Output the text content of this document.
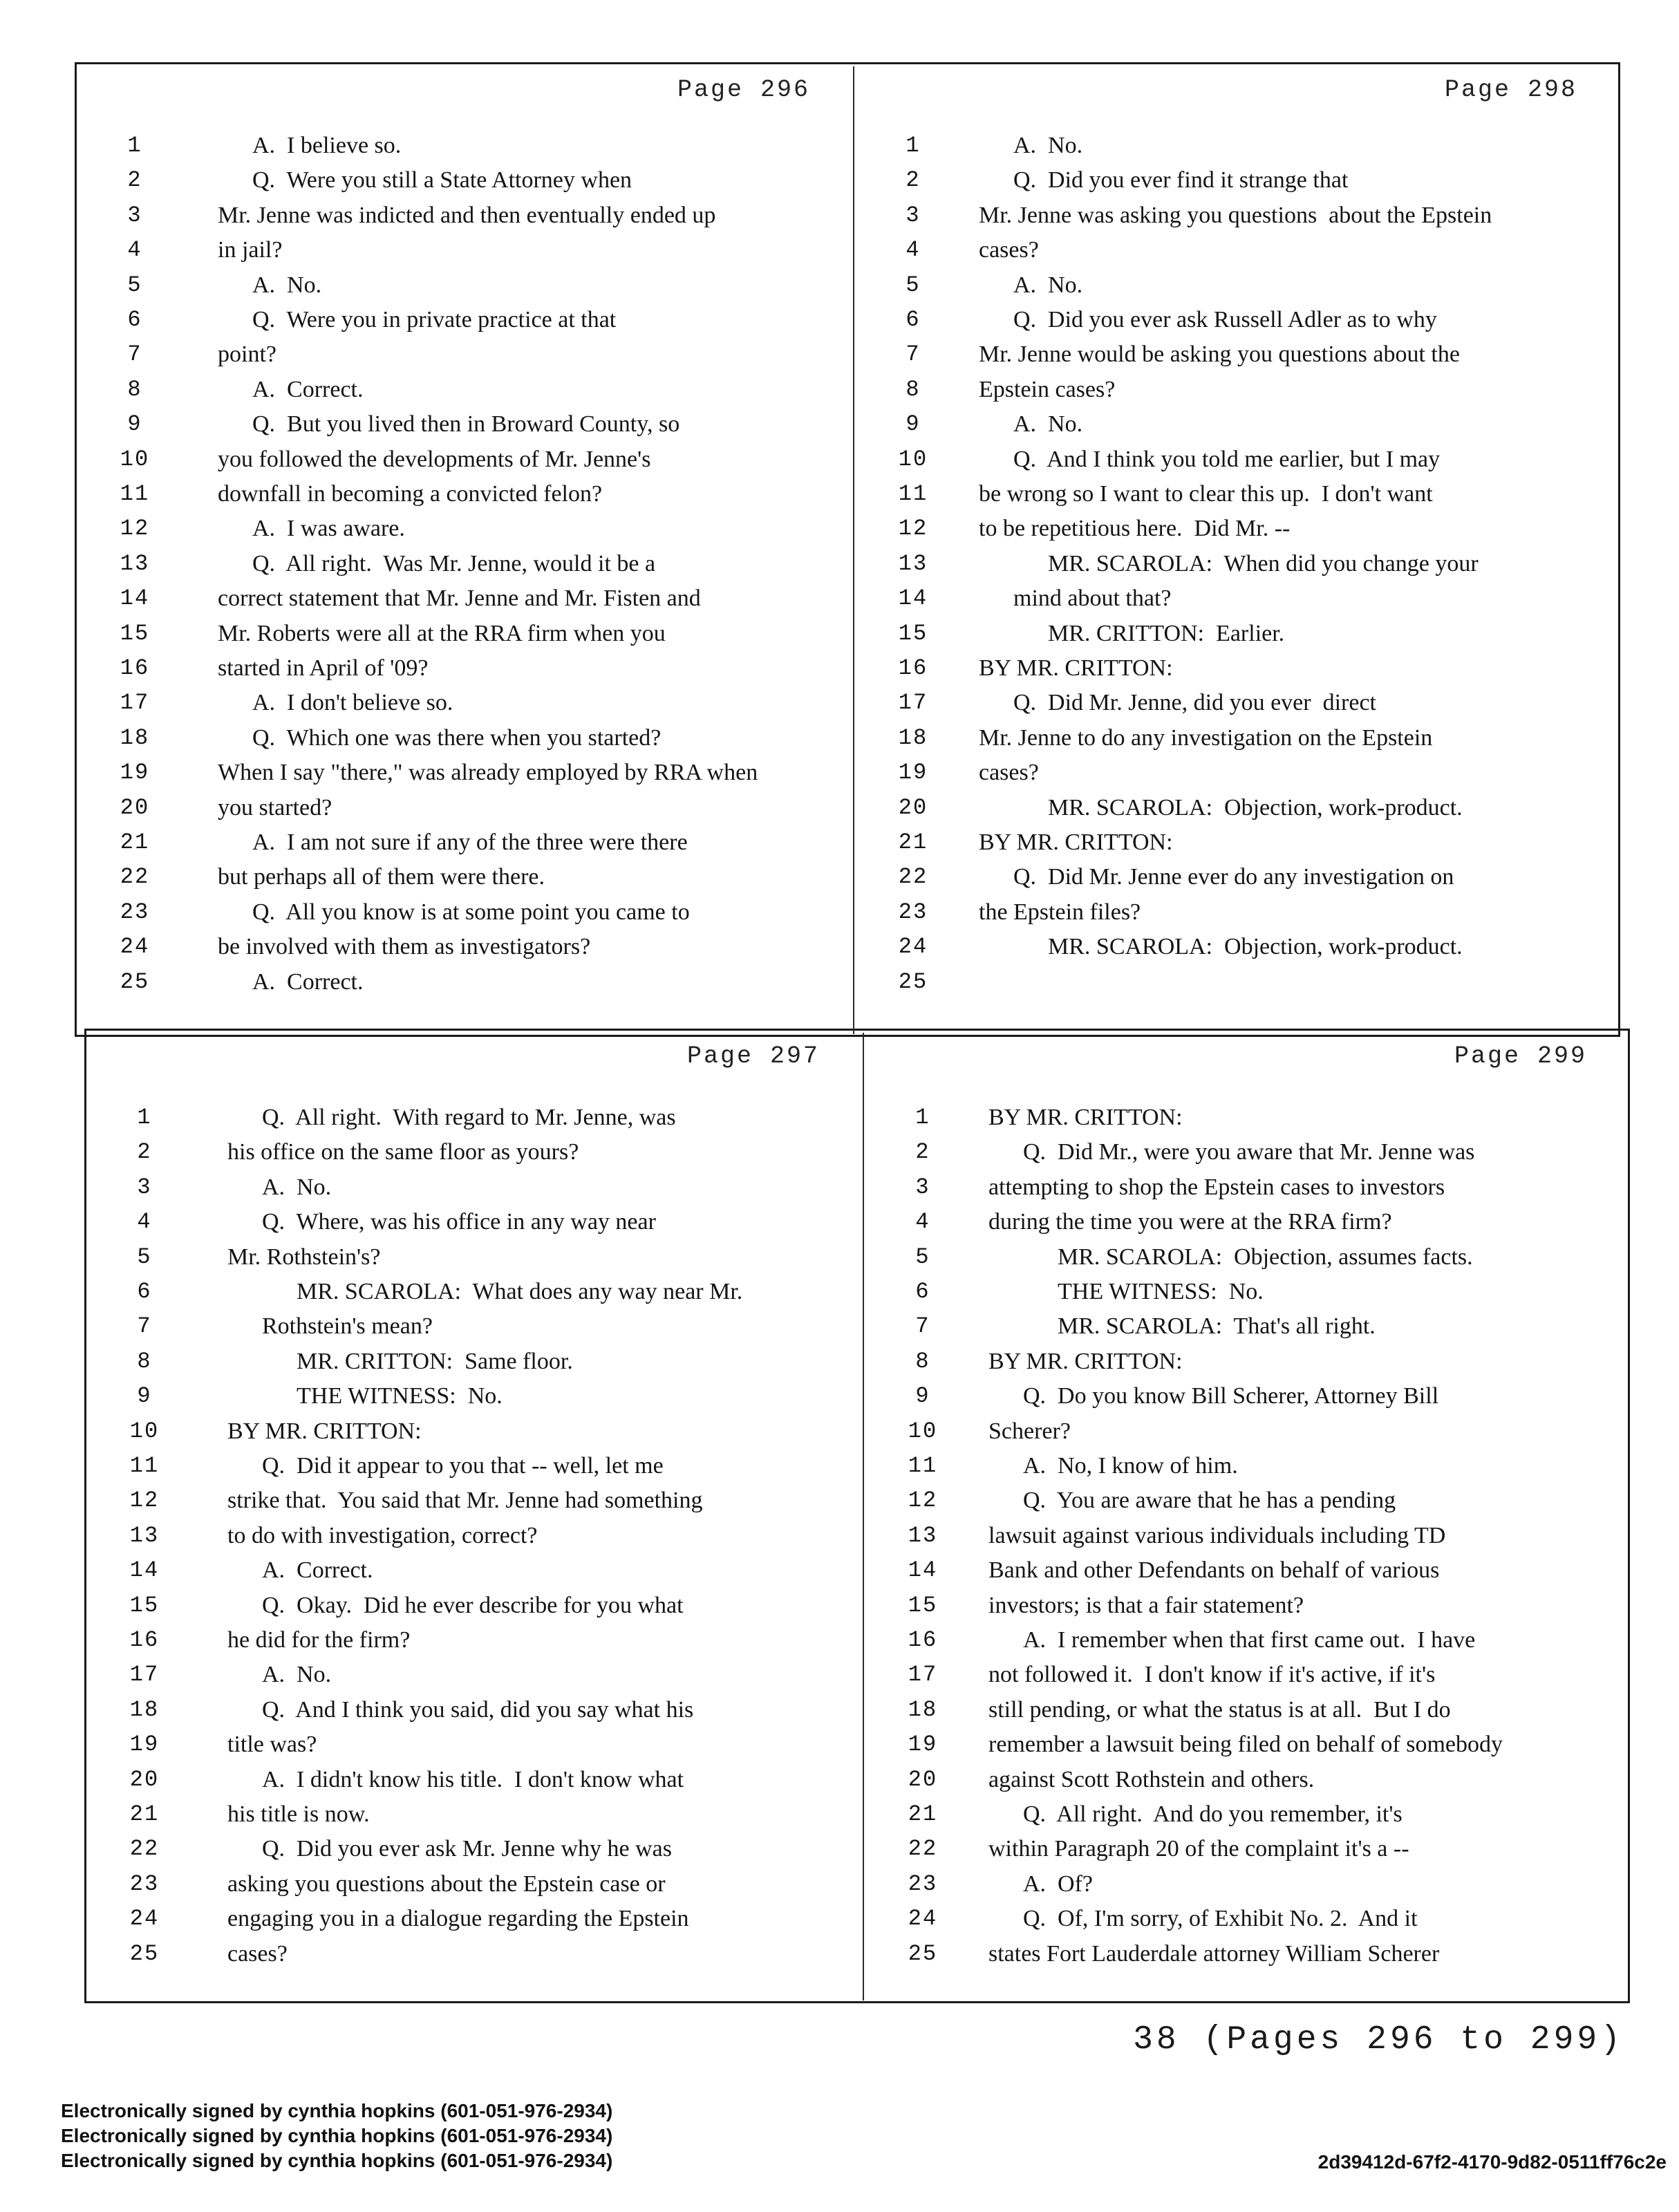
Page 296
1	A.  I believe so.
2	Q.  Were you still a State Attorney when
3	Mr. Jenne was indicted and then eventually ended up
4	in jail?
5	A.  No.
6	Q.  Were you in private practice at that
7	point?
8	A.  Correct.
9	Q.  But you lived then in Broward County, so
10	you followed the developments of Mr. Jenne's
11	downfall in becoming a convicted felon?
12	A.  I was aware.
13	Q.  All right.  Was Mr. Jenne, would it be a
14	correct statement that Mr. Jenne and Mr. Fisten and
15	Mr. Roberts were all at the RRA firm when you
16	started in April of '09?
17	A.  I don't believe so.
18	Q.  Which one was there when you started?
19	When I say "there," was already employed by RRA when
20	you started?
21	A.  I am not sure if any of the three were there
22	but perhaps all of them were there.
23	Q.  All you know is at some point you came to
24	be involved with them as investigators?
25	A.  Correct.
Page 298
1	A.  No.
2	Q.  Did you ever find it strange that
3	Mr. Jenne was asking you questions  about the Epstein
4	cases?
5	A.  No.
6	Q.  Did you ever ask Russell Adler as to why
7	Mr. Jenne would be asking you questions about the
8	Epstein cases?
9	A.  No.
10	Q.  And I think you told me earlier, but I may
11	be wrong so I want to clear this up.  I don't want
12	to be repetitious here.  Did Mr. --
13	MR. SCAROLA:  When did you change your
14	mind about that?
15	MR. CRITTON:  Earlier.
16	BY MR. CRITTON:
17	Q.  Did Mr. Jenne, did you ever  direct
18	Mr. Jenne to do any investigation on the Epstein
19	cases?
20	MR. SCAROLA:  Objection, work-product.
21	BY MR. CRITTON:
22	Q.  Did Mr. Jenne ever do any investigation on
23	the Epstein files?
24	MR. SCAROLA:  Objection, work-product.
25
Page 297
1	Q.  All right.  With regard to Mr. Jenne, was
2	his office on the same floor as yours?
3	A.  No.
4	Q.  Where, was his office in any way near
5	Mr. Rothstein's?
6	MR. SCAROLA:  What does any way near Mr.
7	Rothstein's mean?
8	MR. CRITTON:  Same floor.
9	THE WITNESS:  No.
10	BY MR. CRITTON:
11	Q.  Did it appear to you that -- well, let me
12	strike that.  You said that Mr. Jenne had something
13	to do with investigation, correct?
14	A.  Correct.
15	Q.  Okay.  Did he ever describe for you what
16	he did for the firm?
17	A.  No.
18	Q.  And I think you said, did you say what his
19	title was?
20	A.  I didn't know his title.  I don't know what
21	his title is now.
22	Q.  Did you ever ask Mr. Jenne why he was
23	asking you questions about the Epstein case or
24	engaging you in a dialogue regarding the Epstein
25	cases?
Page 299
1	BY MR. CRITTON:
2	Q.  Did Mr., were you aware that Mr. Jenne was
3	attempting to shop the Epstein cases to investors
4	during the time you were at the RRA firm?
5	MR. SCAROLA:  Objection, assumes facts.
6	THE WITNESS:  No.
7	MR. SCAROLA:  That's all right.
8	BY MR. CRITTON:
9	Q.  Do you know Bill Scherer, Attorney Bill
10	Scherer?
11	A.  No, I know of him.
12	Q.  You are aware that he has a pending
13	lawsuit against various individuals including TD
14	Bank and other Defendants on behalf of various
15	investors; is that a fair statement?
16	A.  I remember when that first came out.  I have
17	not followed it.  I don't know if it's active, if it's
18	still pending, or what the status is at all.  But I do
19	remember a lawsuit being filed on behalf of somebody
20	against Scott Rothstein and others.
21	Q.  All right.  And do you remember, it's
22	within Paragraph 20 of the complaint it's a --
23	A.  Of?
24	Q.  Of, I'm sorry, of Exhibit No. 2.  And it
25	states Fort Lauderdale attorney William Scherer
38 (Pages 296 to 299)
Electronically signed by cynthia hopkins (601-051-976-2934)
Electronically signed by cynthia hopkins (601-051-976-2934)
Electronically signed by cynthia hopkins (601-051-976-2934)	2d39412d-67f2-4170-9d82-0511ff76c2e
